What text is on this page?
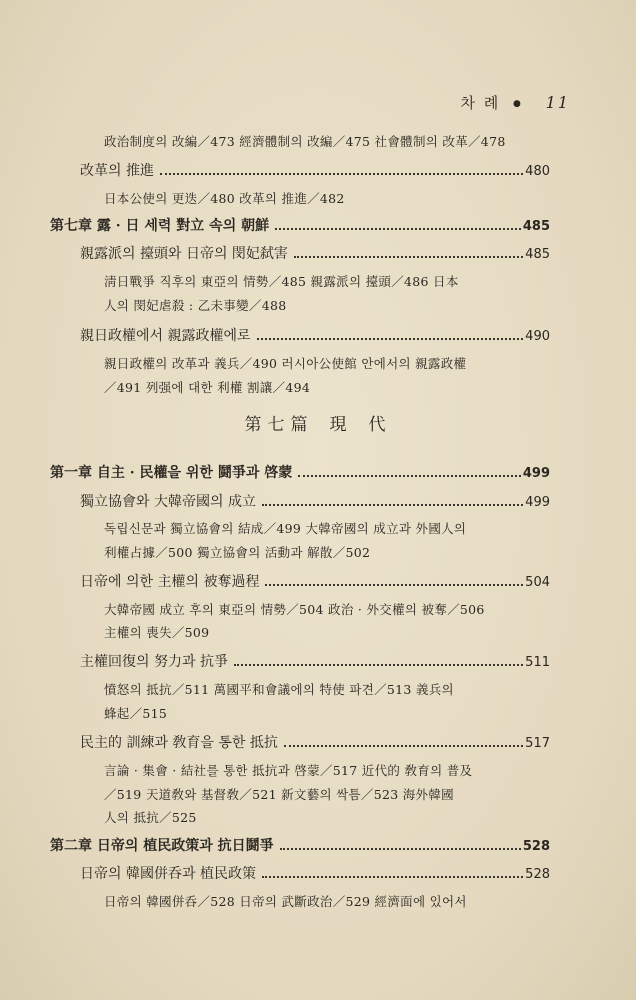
차 례 ● 11
政治制度의 改編／473 經濟體制의 改編／475 社會體制의 改革／478
改革의 推進	480
日本公使의 更迭／480 改革의 推進／482
第七章 露 · 日 세력 對立 속의 朝鮮	485
親露派의 擡頭와 日帝의 閔妃弑害	485
淸日戰爭 직후의 東亞의 情勢／485 親露派의 擡頭／486 日本
人의 閔妃虐殺 : 乙未事變／488
親日政權에서 親露政權에로	490
親日政權의 改革과 義兵／490 러시아公使館 안에서의 親露政權
／491 列强에 대한 利權 割讓／494
第七篇 現 代
第一章 自主 · 民權을 위한 鬪爭과 啓蒙	499
獨立協會와 大韓帝國의 成立	499
독립신문과 獨立協會의 結成／499 大韓帝國의 成立과 外國人의
利權占據／500 獨立協會의 活動과 解散／502
日帝에 의한 主權의 被奪過程	504
大韓帝國 成立 후의 東亞의 情勢／504 政治 · 外交權의 被奪／506
主權의 喪失／509
主權回復의 努力과 抗爭	511
憤怒의 抵抗／511 萬國平和會議에의 特使 파견／513 義兵의
蜂起／515
民主的 訓練과 敎育을 통한 抵抗	517
言論 · 集會 · 結社를 통한 抵抗과 啓蒙／517 近代的 敎育의 普及
／519 天道敎와 基督敎／521 新文藝의 싹틈／523 海外韓國
人의 抵抗／525
第二章 日帝의 植民政策과 抗日鬪爭	528
日帝의 韓國併呑과 植民政策	528
日帝의 韓國併呑／528 日帝의 武斷政治／529 經濟面에 있어서
